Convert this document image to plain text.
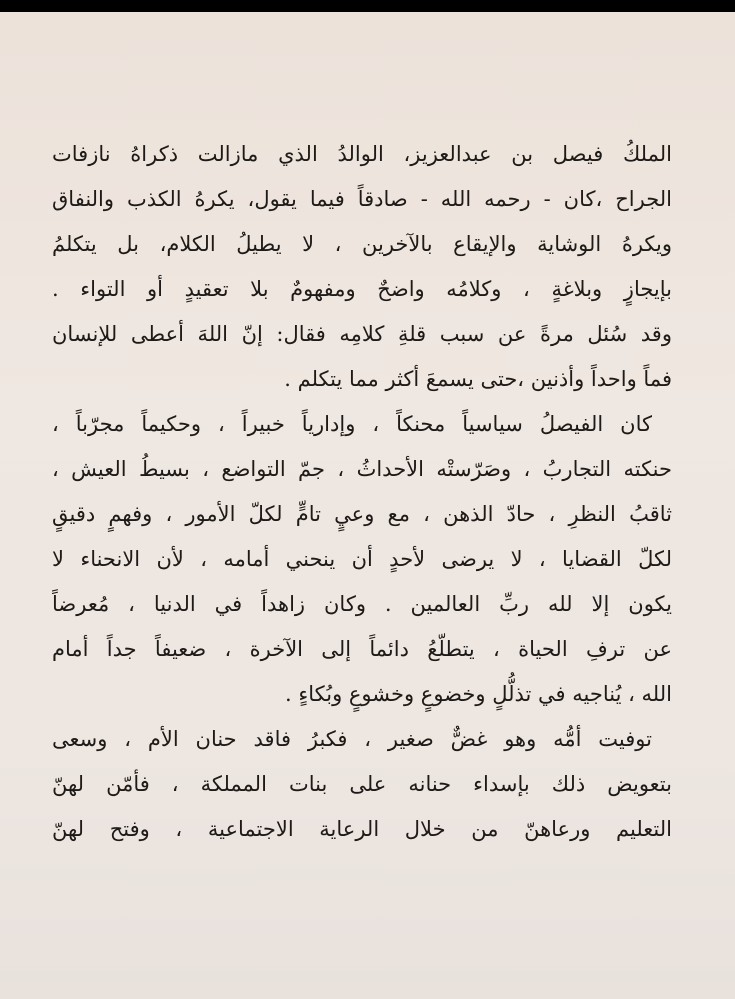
الملكُ فيصل بن عبدالعزيز، الوالدُ الذي مازالت ذكراهُ نازفات
الجراح ،كان - رحمه الله - صادقاً فيما يقول، يكرهُ الكذب والنفاق
ويكرهُ الوشاية والإيقاع بالآخرين ، لا يطيلُ الكلام، بل يتكلمُ
بإيجازٍ وبلاغةٍ ، وكلامُه واضحٌ ومفهومٌ بلا تعقيدٍ أو التواء .
وقد سُئل مرةً عن سبب قلةِ كلامِه فقال: إنّ اللهَ أعطى للإنسان
فماً واحداً وأذنين ،حتى يسمعَ أكثر مما يتكلم .
كان الفيصلُ سياسياً محنكاً ، وإدارياً خبيراً ، وحكيماً مجرّباً ،
حنكته التجاربُ ، وصَرّستْه الأحداثُ ، جمّ التواضع ، بسيطُ العيش ،
ثاقبُ النظرِ ، حادّ الذهن ، مع وعيٍ تامٍّ لكلّ الأمور ، وفهمٍ دقيقٍ
لكلّ القضايا ، لا يرضى لأحدٍ أن ينحني أمامه ، لأن الانحناء لا
يكون إلا لله ربِّ العالمين . وكان زاهداً في الدنيا ، مُعرضاً
عن ترفِ الحياة ، يتطلّعُ دائماً إلى الآخرة ، ضعيفاً جداً أمام
الله ، يُناجيه في تذلُّلٍ وخضوعٍ وخشوعٍ وبُكاءٍ .
توفيت أمُّه وهو غضٌّ صغير ، فكبرُ فاقد حنان الأم ، وسعى
بتعويض ذلك بإسداء حنانه على بنات المملكة ، فأمّن لهنّ
التعليم ورعاهنّ من خلال الرعاية الاجتماعية ، وفتح لهنّ
